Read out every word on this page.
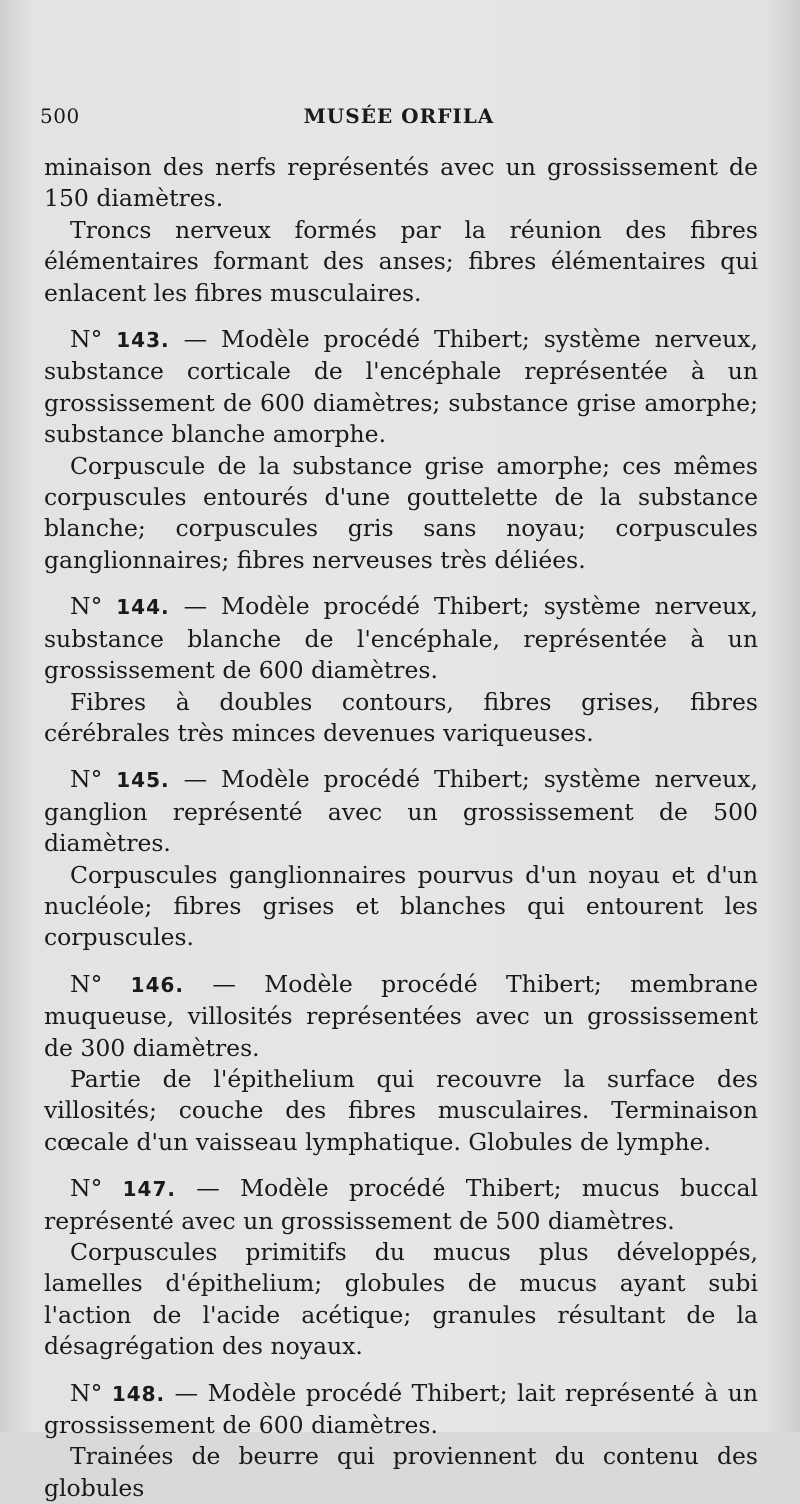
500	MUSÉE ORFILA

minaison des nerfs représentés avec un grossissement de 150 diamètres.

Troncs nerveux formés par la réunion des fibres élémentaires formant des anses; fibres élémentaires qui enlacent les fibres musculaires.

N° 143. — Modèle procédé Thibert; système nerveux, substance corticale de l'encéphale représentée à un grossissement de 600 diamètres; substance grise amorphe; substance blanche amorphe.

Corpuscule de la substance grise amorphe; ces mêmes corpuscules entourés d'une gouttelette de la substance blanche; corpuscules gris sans noyau; corpuscules ganglionnaires; fibres nerveuses très déliées.

N° 144. — Modèle procédé Thibert; système nerveux, substance blanche de l'encéphale, représentée à un grossissement de 600 diamètres.

Fibres à doubles contours, fibres grises, fibres cérébrales très minces devenues variqueuses.

N° 145. — Modèle procédé Thibert; système nerveux, ganglion représenté avec un grossissement de 500 diamètres.

Corpuscules ganglionnaires pourvus d'un noyau et d'un nucléole; fibres grises et blanches qui entourent les corpuscules.

N° 146. — Modèle procédé Thibert; membrane muqueuse, villosités représentées avec un grossissement de 300 diamètres.

Partie de l'épithelium qui recouvre la surface des villosités; couche des fibres musculaires. Terminaison cœcale d'un vaisseau lymphatique. Globules de lymphe.

N° 147. — Modèle procédé Thibert; mucus buccal représenté avec un grossissement de 500 diamètres.

Corpuscules primitifs du mucus plus développés, lamelles d'épithelium; globules de mucus ayant subi l'action de l'acide acétique; granules résultant de la désagrégation des noyaux.

N° 148. — Modèle procédé Thibert; lait représenté à un grossissement de 600 diamètres.

Trainées de beurre qui proviennent du contenu des globules
